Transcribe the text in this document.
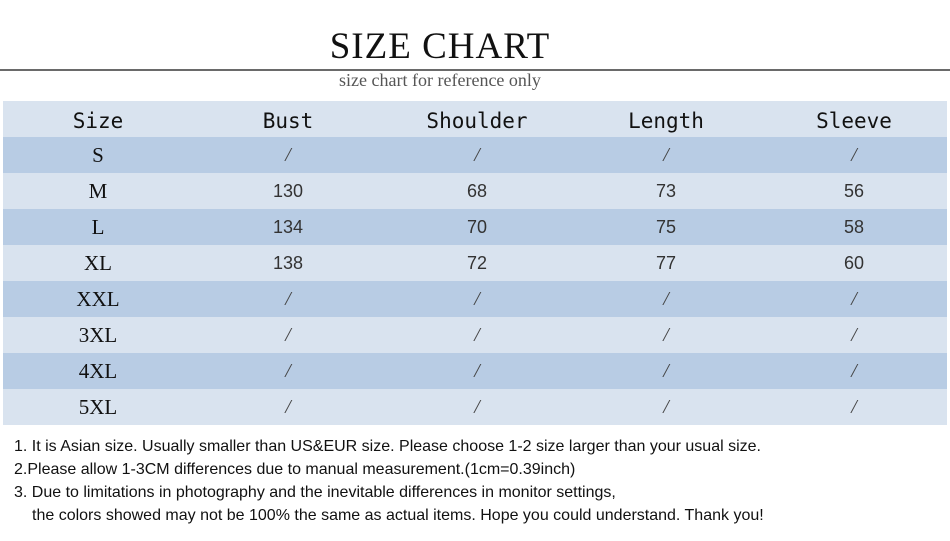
SIZE CHART
size chart for reference only
Size	Bust	Shoulder	Length	Sleeve
S	/	/	/	/
M	130	68	73	56
L	134	70	75	58
XL	138	72	77	60
XXL	/	/	/	/
3XL	/	/	/	/
4XL	/	/	/	/
5XL	/	/	/	/
1. It is Asian size. Usually smaller than US&EUR size. Please choose 1-2 size larger than your usual size.
2.Please allow 1-3CM differences due to manual measurement.(1cm=0.39inch)
3. Due to limitations in photography and the inevitable differences in monitor settings,
the colors showed may not be 100% the same as actual items. Hope you could understand. Thank you!
